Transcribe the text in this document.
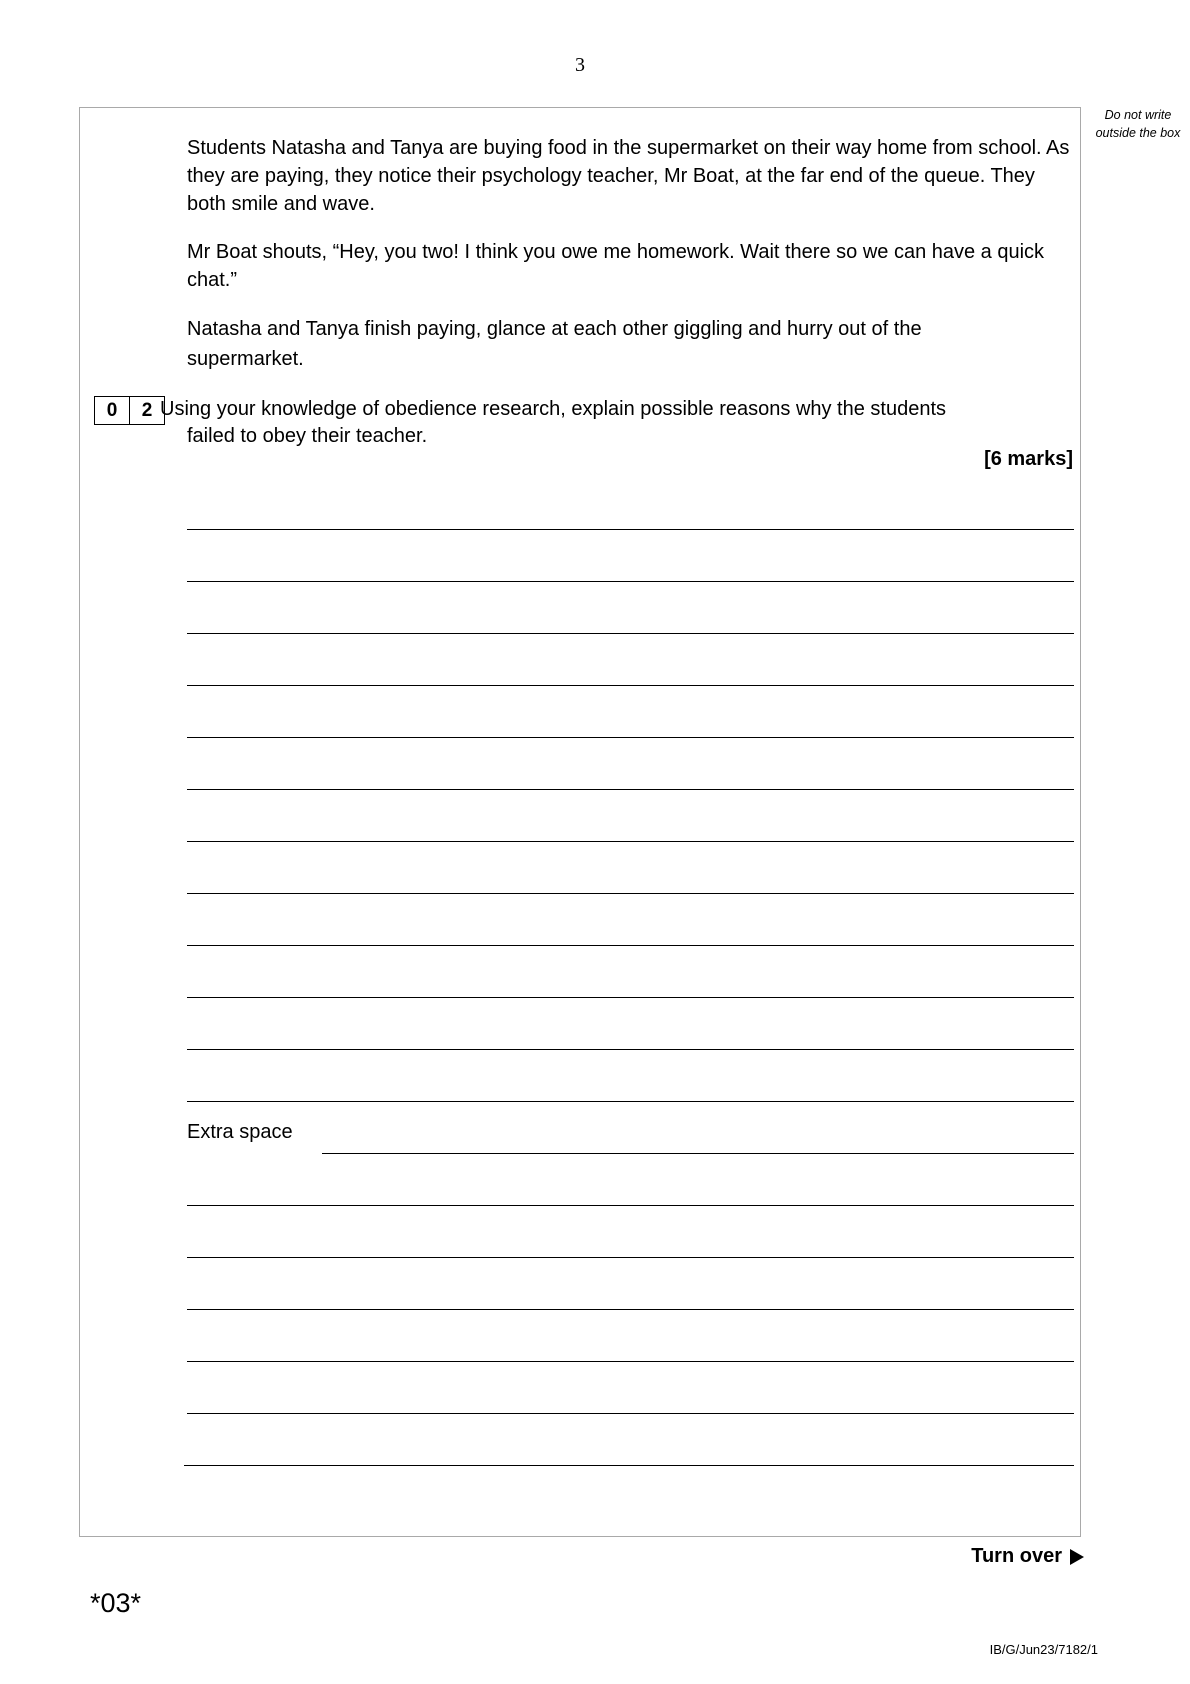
3
Do not write outside the box

Students Natasha and Tanya are buying food in the supermarket on their way home from school. As they are paying, they notice their psychology teacher, Mr Boat, at the far end of the queue. They both smile and wave.

Mr Boat shouts, “Hey, you two! I think you owe me homework. Wait there so we can have a quick chat.”

Natasha and Tanya finish paying, glance at each other giggling and hurry out of the supermarket.

0	2 Using your knowledge of obedience research, explain possible reasons why the students
failed to obey their teacher.

[6 marks]
Extra space
Turn over
*03*
IB/G/Jun23/7182/1
